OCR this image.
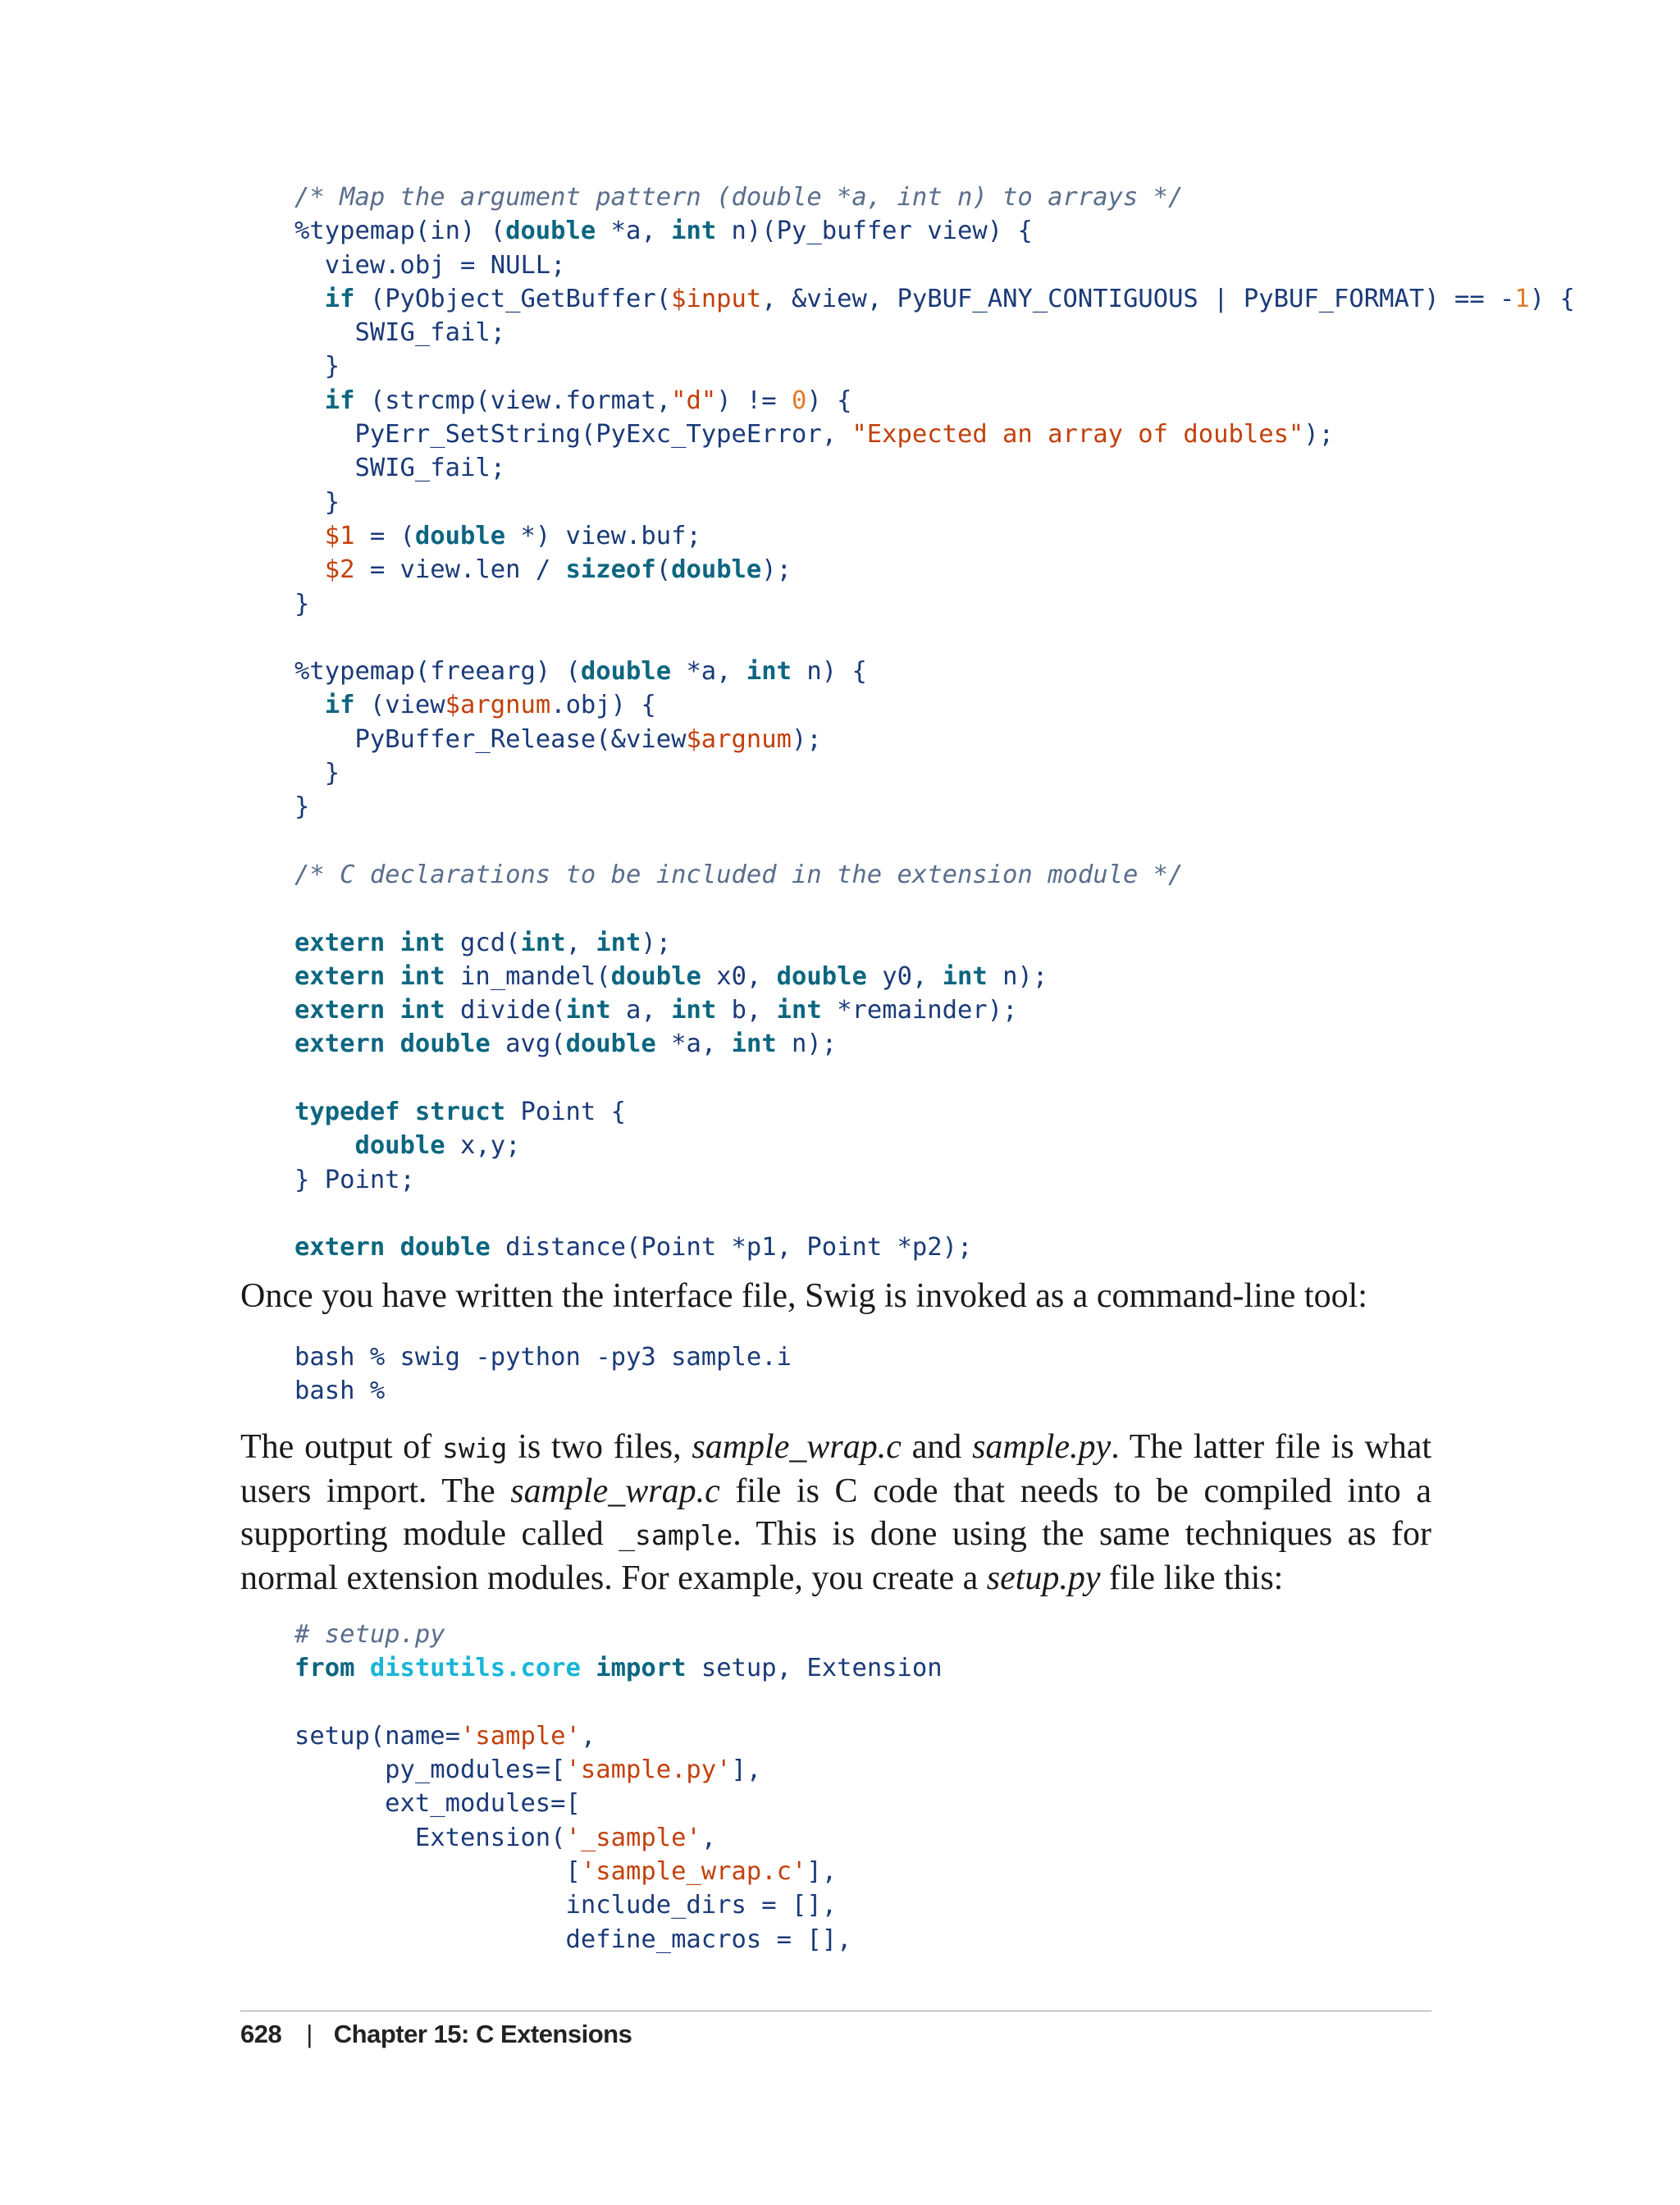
/* Map the argument pattern (double *a, int n) to arrays */
%typemap(in) (double *a, int n)(Py_buffer view) {
view.obj = NULL;
if (PyObject_GetBuffer($input, &view, PyBUF_ANY_CONTIGUOUS | PyBUF_FORMAT) == -1) {
SWIG_fail;
}
if (strcmp(view.format,"d") != 0) {
PyErr_SetString(PyExc_TypeError, "Expected an array of doubles");
SWIG_fail;
}
$1 = (double *) view.buf;
$2 = view.len / sizeof(double);
}
%typemap(freearg) (double *a, int n) {
if (view$argnum.obj) {
PyBuffer_Release(&view$argnum);
}
}
/* C declarations to be included in the extension module */
extern int gcd(int, int);
extern int in_mandel(double x0, double y0, int n);
extern int divide(int a, int b, int *remainder);
extern double avg(double *a, int n);
typedef struct Point {
double x,y;
} Point;
extern double distance(Point *p1, Point *p2);

Once you have written the interface file, Swig is invoked as a command-line tool:

bash % swig -python -py3 sample.i
bash %

The output of swig is two files, sample_wrap.c and sample.py. The latter file is what users import. The sample_wrap.c file is C code that needs to be compiled into a supporting module called _sample. This is done using the same techniques as for normal extension modules. For example, you create a setup.py file like this:

# setup.py
from distutils.core import setup, Extension
setup(name='sample',
py_modules=['sample.py'],
ext_modules=[
Extension('_sample',
['sample_wrap.c'],
include_dirs = [],
define_macros = [],
628 | Chapter 15: C Extensions
